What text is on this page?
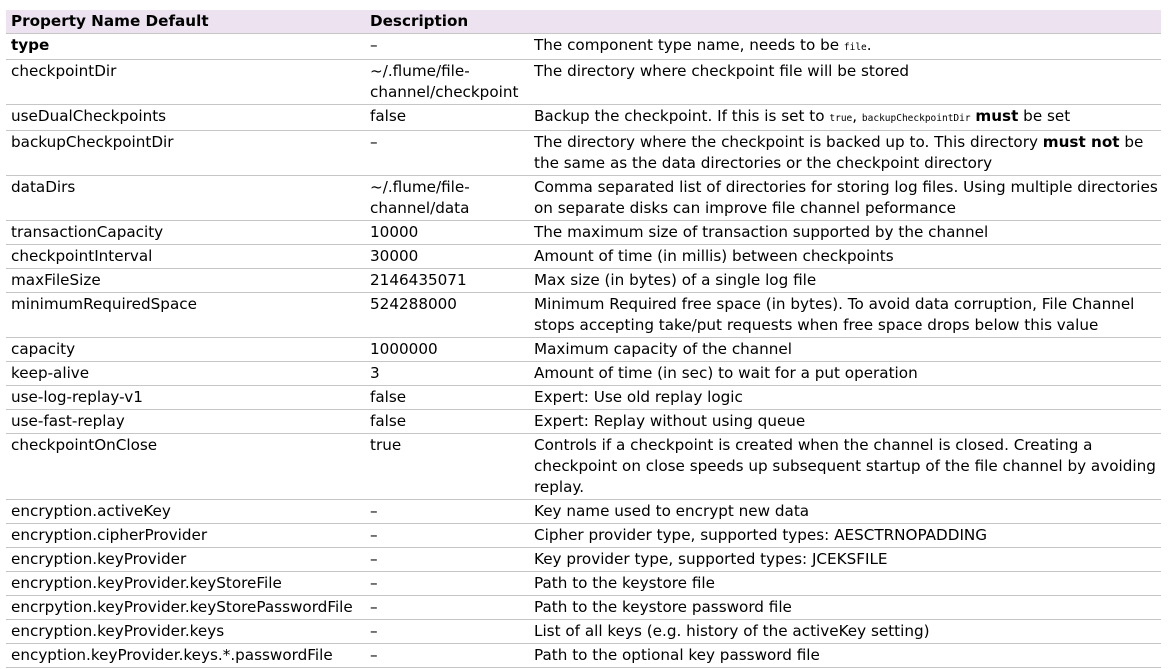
Property Name Default	Description	
type	–	The component type name, needs to be file.
checkpointDir	~/.flume/file-channel/checkpoint	The directory where checkpoint file will be stored
useDualCheckpoints	false	Backup the checkpoint. If this is set to true, backupCheckpointDir must be set
backupCheckpointDir	–	The directory where the checkpoint is backed up to. This directory must not be the same as the data directories or the checkpoint directory
dataDirs	~/.flume/file-channel/data	Comma separated list of directories for storing log files. Using multiple directories on separate disks can improve file channel peformance
transactionCapacity	10000	The maximum size of transaction supported by the channel
checkpointInterval	30000	Amount of time (in millis) between checkpoints
maxFileSize	2146435071	Max size (in bytes) of a single log file
minimumRequiredSpace	524288000	Minimum Required free space (in bytes). To avoid data corruption, File Channel stops accepting take/put requests when free space drops below this value
capacity	1000000	Maximum capacity of the channel
keep-alive	3	Amount of time (in sec) to wait for a put operation
use-log-replay-v1	false	Expert: Use old replay logic
use-fast-replay	false	Expert: Replay without using queue
checkpointOnClose	true	Controls if a checkpoint is created when the channel is closed. Creating a checkpoint on close speeds up subsequent startup of the file channel by avoiding replay.
encryption.activeKey	–	Key name used to encrypt new data
encryption.cipherProvider	–	Cipher provider type, supported types: AESCTRNOPADDING
encryption.keyProvider	–	Key provider type, supported types: JCEKSFILE
encryption.keyProvider.keyStoreFile	–	Path to the keystore file
encrpytion.keyProvider.keyStorePasswordFile	–	Path to the keystore password file
encryption.keyProvider.keys	–	List of all keys (e.g. history of the activeKey setting)
encyption.keyProvider.keys.*.passwordFile	–	Path to the optional key password file
